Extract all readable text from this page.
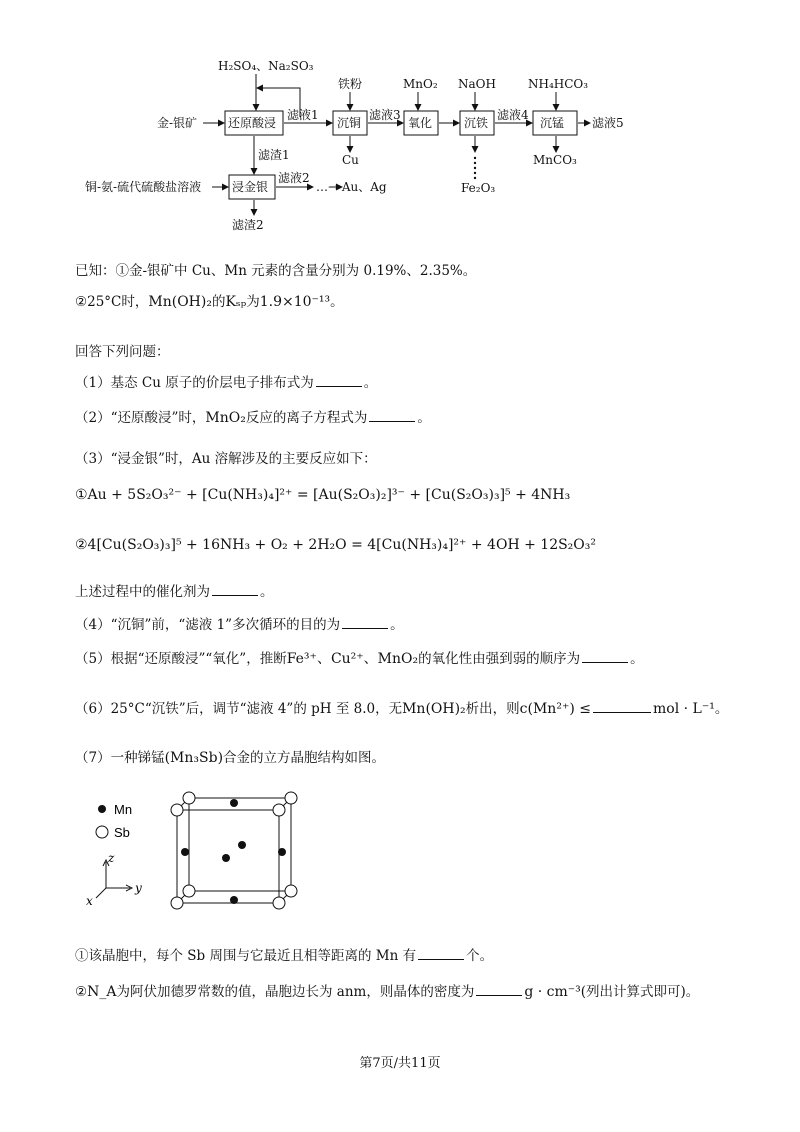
H₂SO₄、Na₂SO₃
金-银矿	还原酸浸
滤液1
铁粉
沉铜
Cu
滤液3
MnO₂
氧化
NaOH
沉铁
Fe₂O₃
滤液4
NH₄HCO₃
沉锰
MnCO₃
滤液5
滤渣1
铜-氨-硫代硫酸盐溶液	浸金银
滤液2
…→ Au、Ag
滤渣2
已知：①金-银矿中 Cu、Mn 元素的含量分别为 0.19%、2.35%。
②25°C时，Mn(OH)₂的Kₛₚ为1.9×10⁻¹³。
回答下列问题：
（1）基态 Cu 原子的价层电子排布式为	。
（2）“还原酸浸”时，MnO₂反应的离子方程式为	。
（3）“浸金银”时，Au 溶解涉及的主要反应如下：
①Au + 5S₂O₃²⁻ + [Cu(NH₃)₄]²⁺ = [Au(S₂O₃)₂]³⁻ + [Cu(S₂O₃)₃]⁵ + 4NH₃
②4[Cu(S₂O₃)₃]⁵ + 16NH₃ + O₂ + 2H₂O = 4[Cu(NH₃)₄]²⁺ + 4OH + 12S₂O₃²
上述过程中的催化剂为	。
（4）“沉铜”前，“滤液 1”多次循环的目的为	。
（5）根据“还原酸浸”“氧化”，推断Fe³⁺、Cu²⁺、MnO₂的氧化性由强到弱的顺序为	。
（6）25°C“沉铁”后，调节“滤液 4”的 pH 至 8.0，无Mn(OH)₂析出，则c(Mn²⁺) ≤	mol · L⁻¹。
（7）一种锑锰(Mn₃Sb)合金的立方晶胞结构如图。
Mn
Sb
z
y
x
①该晶胞中，每个 Sb 周围与它最近且相等距离的 Mn 有	个。
②N_A为阿伏加德罗常数的值，晶胞边长为 anm，则晶体的密度为	g · cm⁻³(列出计算式即可)。
第7页/共11页
